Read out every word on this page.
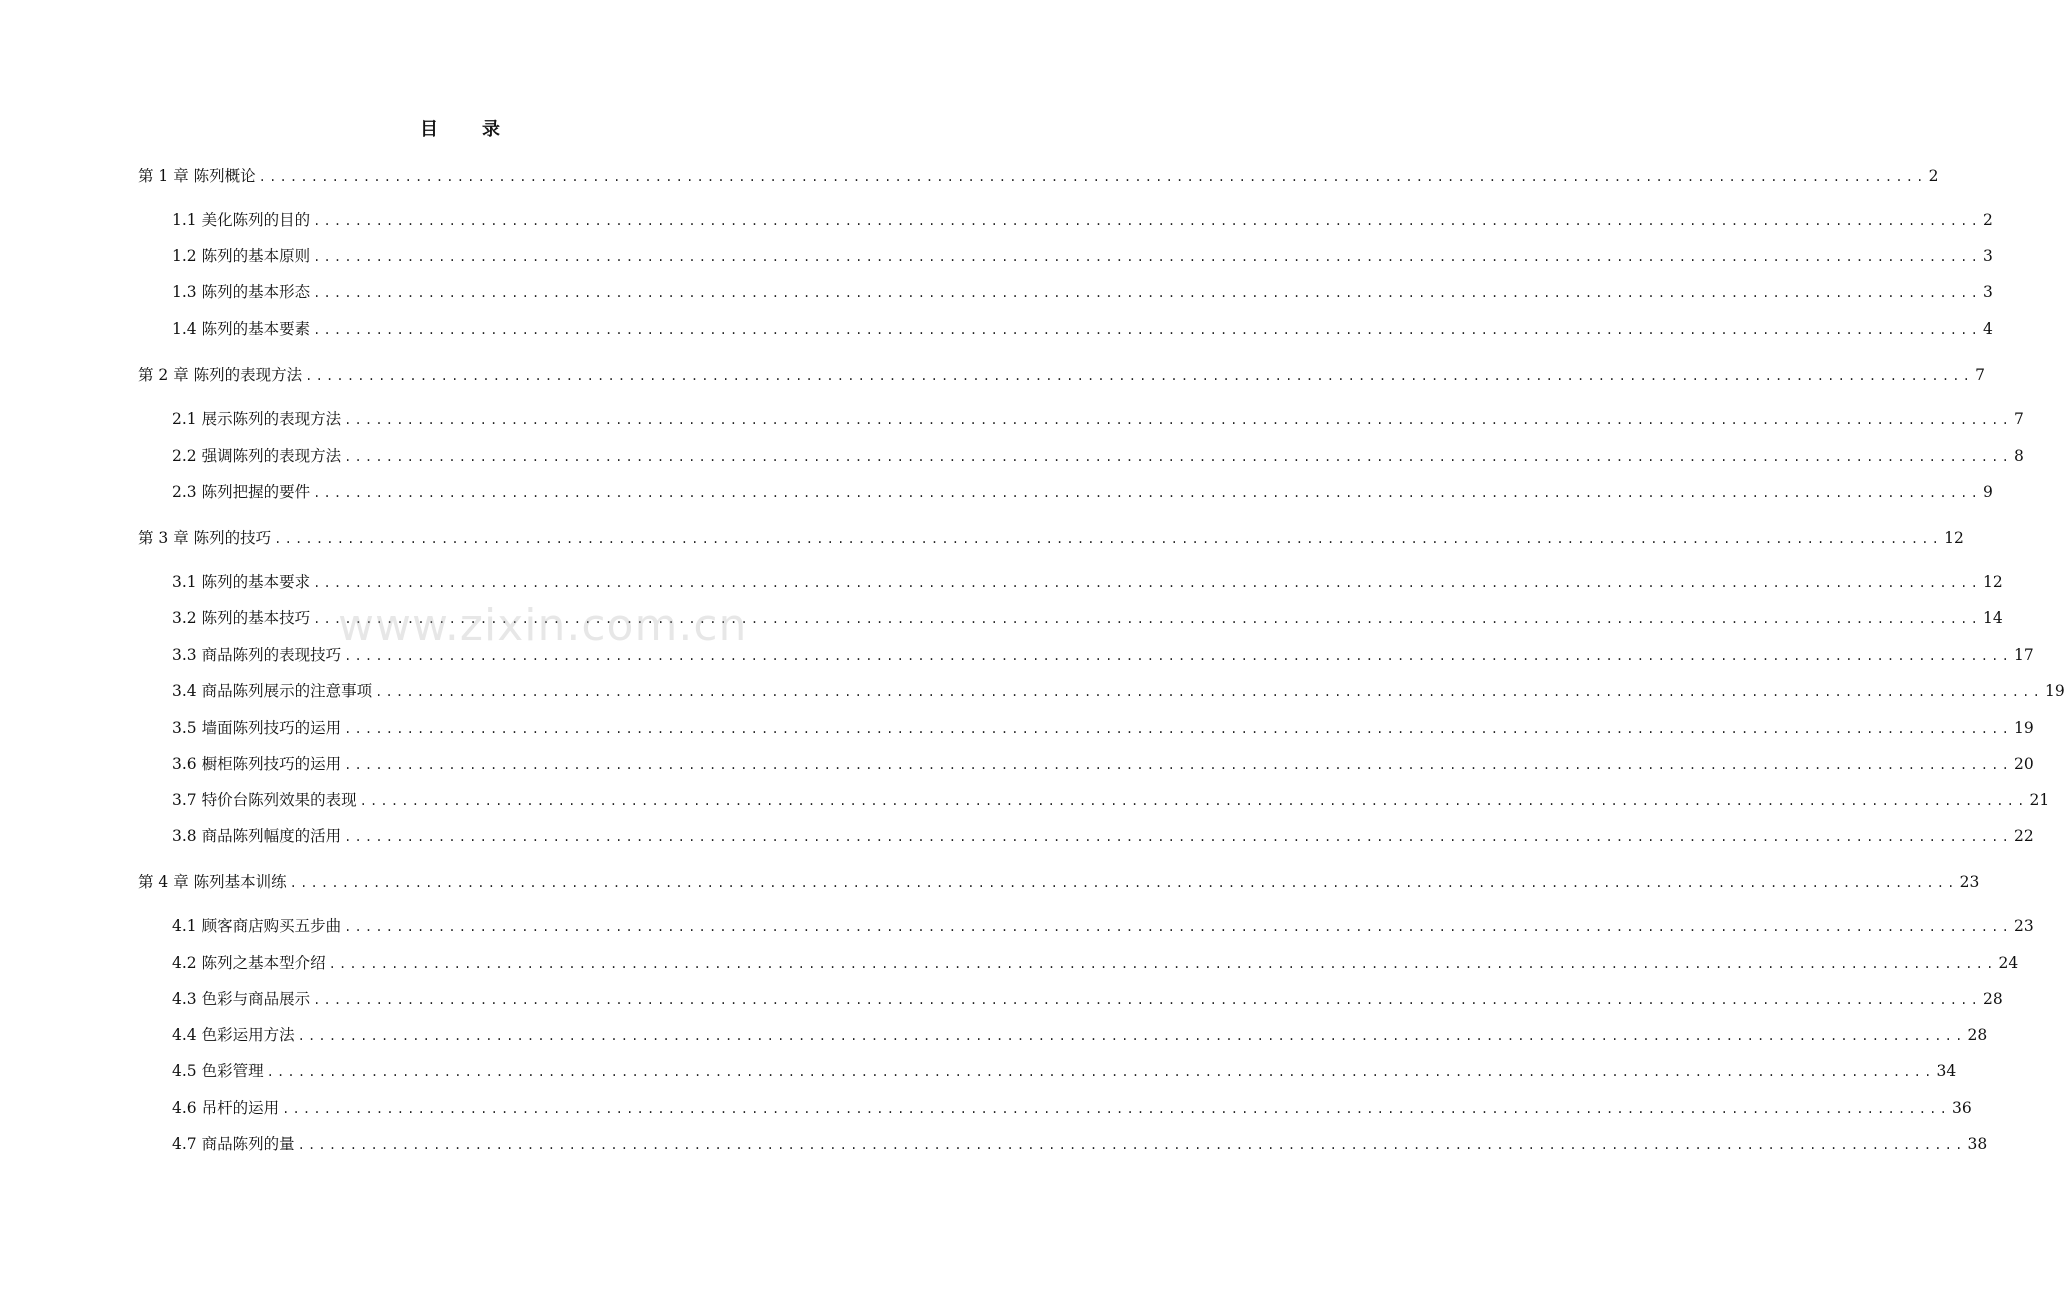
目 录
第 1 章 陈列概论 ................................................................................................................................................................ 2
1.1 美化陈列的目的 ................................................................................................................................................................ 2
1.2 陈列的基本原则 ................................................................................................................................................................ 3
1.3 陈列的基本形态 ................................................................................................................................................................ 3
1.4 陈列的基本要素 ................................................................................................................................................................ 4
第 2 章 陈列的表现方法 ................................................................................................................................................................ 7
2.1 展示陈列的表现方法 ................................................................................................................................................................ 7
2.2 强调陈列的表现方法 ................................................................................................................................................................ 8
2.3 陈列把握的要件 ................................................................................................................................................................ 9
第 3 章 陈列的技巧 ................................................................................................................................................................ 12
3.1 陈列的基本要求 ................................................................................................................................................................ 12
3.2 陈列的基本技巧 ................................................................................................................................................................ 14
3.3 商品陈列的表现技巧 ................................................................................................................................................................ 17
3.4 商品陈列展示的注意事项 ................................................................................................................................................................ 19
3.5 墙面陈列技巧的运用 ................................................................................................................................................................ 19
3.6 橱柜陈列技巧的运用 ................................................................................................................................................................ 20
3.7 特价台陈列效果的表现 ................................................................................................................................................................ 21
3.8 商品陈列幅度的活用 ................................................................................................................................................................ 22
第 4 章 陈列基本训练 ................................................................................................................................................................ 23
4.1 顾客商店购买五步曲 ................................................................................................................................................................ 23
4.2 陈列之基本型介绍 ................................................................................................................................................................ 24
4.3 色彩与商品展示 ................................................................................................................................................................ 28
4.4 色彩运用方法 ................................................................................................................................................................ 28
4.5 色彩管理 ................................................................................................................................................................ 34
4.6 吊杆的运用 ................................................................................................................................................................ 36
4.7 商品陈列的量 ................................................................................................................................................................ 38
www.zixin.com.cn
